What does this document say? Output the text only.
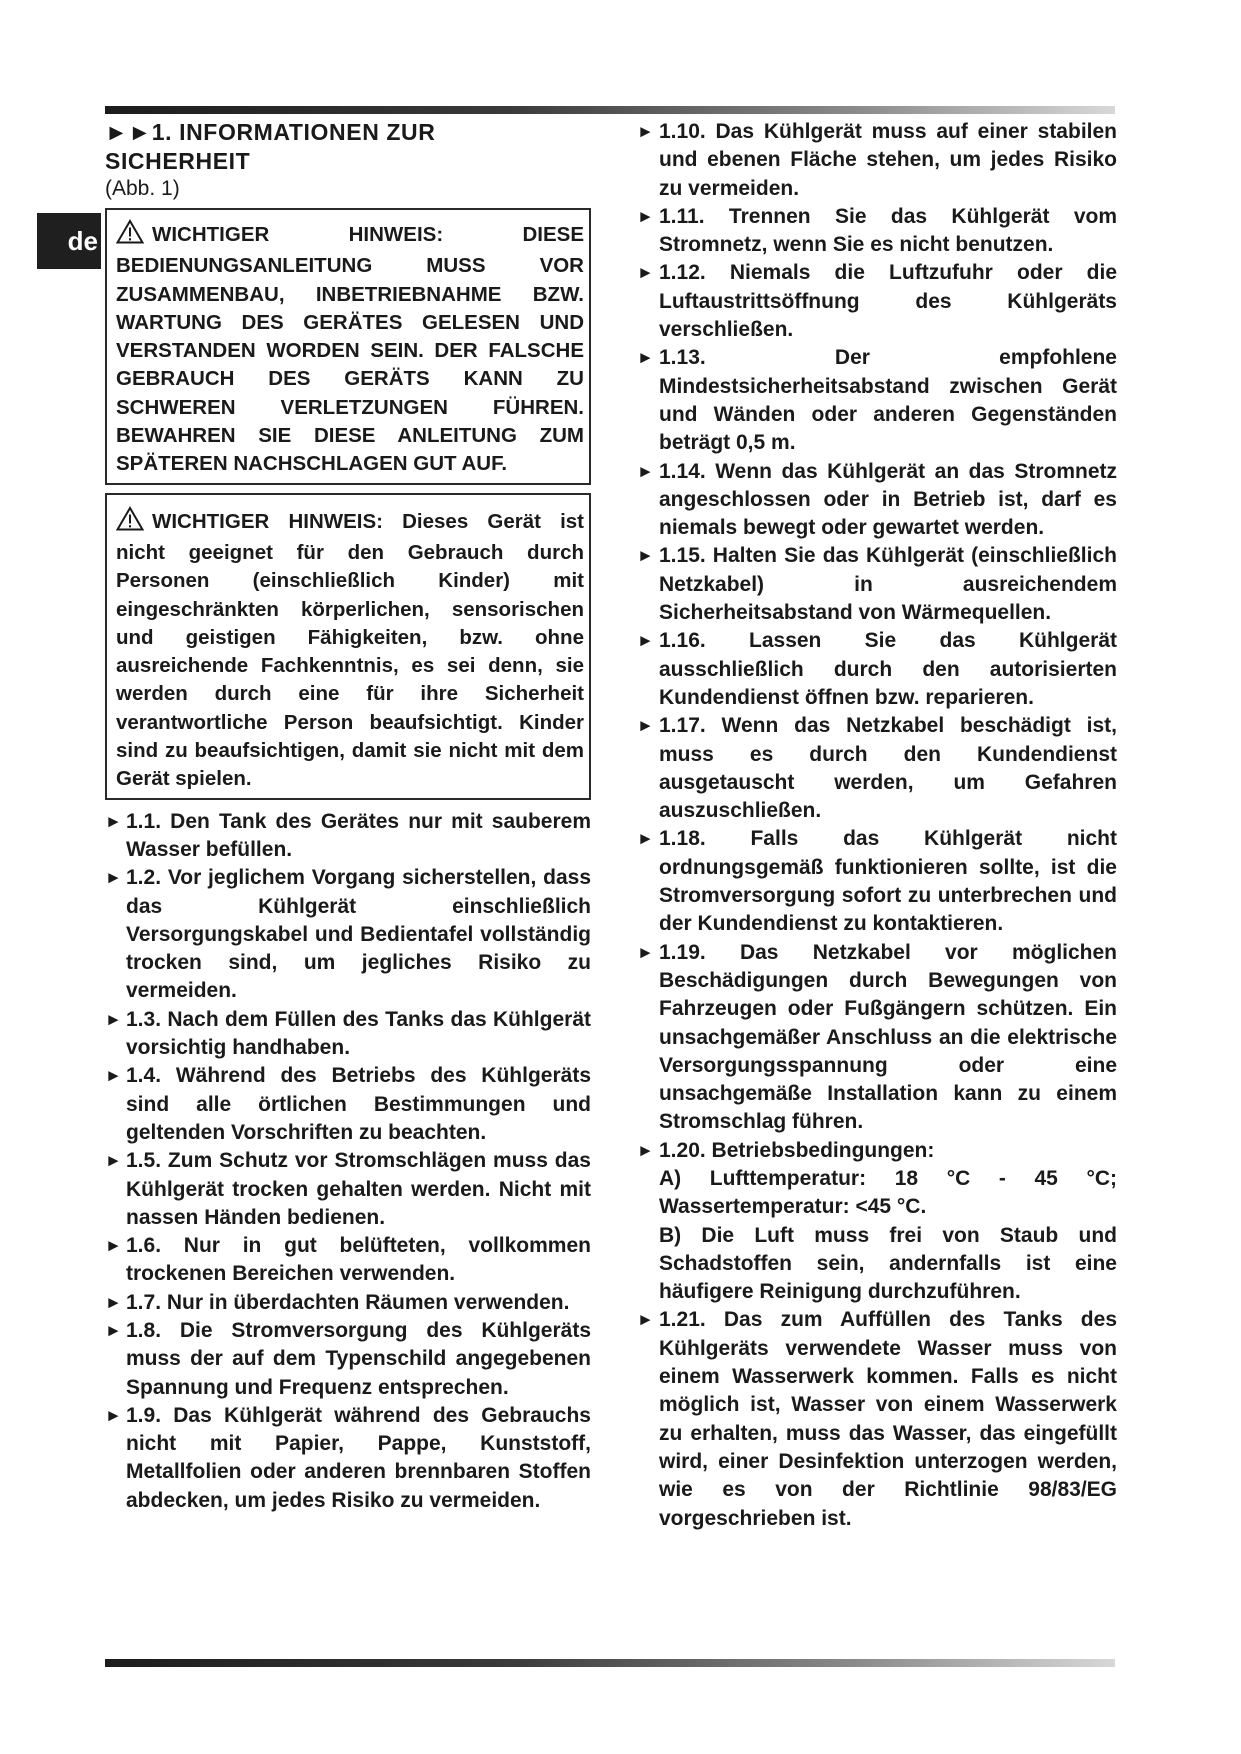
de

►►1. INFORMATIONEN ZUR

SICHERHEIT

(Abb. 1)

WICHTIGER HINWEIS: DIESE BEDIENUNGSANLEITUNG MUSS VOR ZUSAMMENBAU, INBETRIEBNAHME BZW. WARTUNG DES GERÄTES GELESEN UND VERSTANDEN WORDEN SEIN. DER FALSCHE GEBRAUCH DES GERÄTS KANN ZU SCHWEREN VERLETZUNGEN FÜHREN. BEWAHREN SIE DIESE ANLEITUNG ZUM SPÄTEREN NACHSCHLAGEN GUT AUF.
WICHTIGER HINWEIS: Dieses Gerät ist nicht geeignet für den Gebrauch durch Personen (einschließlich Kinder) mit eingeschränkten körperlichen, sensorischen und geistigen Fähigkeiten, bzw. ohne ausreichende Fachkenntnis, es sei denn, sie werden durch eine für ihre Sicherheit verantwortliche Person beaufsichtigt. Kinder sind zu beaufsichtigen, damit sie nicht mit dem Gerät spielen.
► 1.1. Den Tank des Gerätes nur mit sauberem Wasser befüllen.
► 1.2. Vor jeglichem Vorgang sicherstellen, dass das Kühlgerät einschließlich Versorgungskabel und Bedientafel vollständig trocken sind, um jegliches Risiko zu vermeiden.
► 1.3. Nach dem Füllen des Tanks das Kühlgerät vorsichtig handhaben.
► 1.4. Während des Betriebs des Kühlgeräts sind alle örtlichen Bestimmungen und geltenden Vorschriften zu beachten.
► 1.5. Zum Schutz vor Stromschlägen muss das Kühlgerät trocken gehalten werden. Nicht mit nassen Händen bedienen.
► 1.6. Nur in gut belüfteten, vollkommen trockenen Bereichen verwenden.
► 1.7. Nur in überdachten Räumen verwenden.
► 1.8. Die Stromversorgung des Kühlgeräts muss der auf dem Typenschild angegebenen Spannung und Frequenz entsprechen.
► 1.9. Das Kühlgerät während des Gebrauchs nicht mit Papier, Pappe, Kunststoff, Metallfolien oder anderen brennbaren Stoffen abdecken, um jedes Risiko zu vermeiden.
► 1.10. Das Kühlgerät muss auf einer stabilen und ebenen Fläche stehen, um jedes Risiko zu vermeiden.
► 1.11. Trennen Sie das Kühlgerät vom Stromnetz, wenn Sie es nicht benutzen.
► 1.12. Niemals die Luftzufuhr oder die Luftaustrittsöffnung des Kühlgeräts verschließen.
► 1.13. Der empfohlene Mindestsicherheitsabstand zwischen Gerät und Wänden oder anderen Gegenständen beträgt 0,5 m.
► 1.14. Wenn das Kühlgerät an das Stromnetz angeschlossen oder in Betrieb ist, darf es niemals bewegt oder gewartet werden.
► 1.15. Halten Sie das Kühlgerät (einschließlich Netzkabel) in ausreichendem Sicherheitsabstand von Wärmequellen.
► 1.16. Lassen Sie das Kühlgerät ausschließlich durch den autorisierten Kundendienst öffnen bzw. reparieren.
► 1.17. Wenn das Netzkabel beschädigt ist, muss es durch den Kundendienst ausgetauscht werden, um Gefahren auszuschließen.
► 1.18. Falls das Kühlgerät nicht ordnungsgemäß funktionieren sollte, ist die Stromversorgung sofort zu unterbrechen und der Kundendienst zu kontaktieren.
► 1.19. Das Netzkabel vor möglichen Beschädigungen durch Bewegungen von Fahrzeugen oder Fußgängern schützen. Ein unsachgemäßer Anschluss an die elektrische Versorgungsspannung oder eine unsachgemäße Installation kann zu einem Stromschlag führen.
► 1.20. Betriebsbedingungen:
A) Lufttemperatur: 18 °C - 45 °C; Wassertemperatur: <45 °C.
B) Die Luft muss frei von Staub und Schadstoffen sein, andernfalls ist eine häufigere Reinigung durchzuführen.
► 1.21. Das zum Auffüllen des Tanks des Kühlgeräts verwendete Wasser muss von einem Wasserwerk kommen. Falls es nicht möglich ist, Wasser von einem Wasserwerk zu erhalten, muss das Wasser, das eingefüllt wird, einer Desinfektion unterzogen werden, wie es von der Richtlinie 98/83/EG vorgeschrieben ist.
